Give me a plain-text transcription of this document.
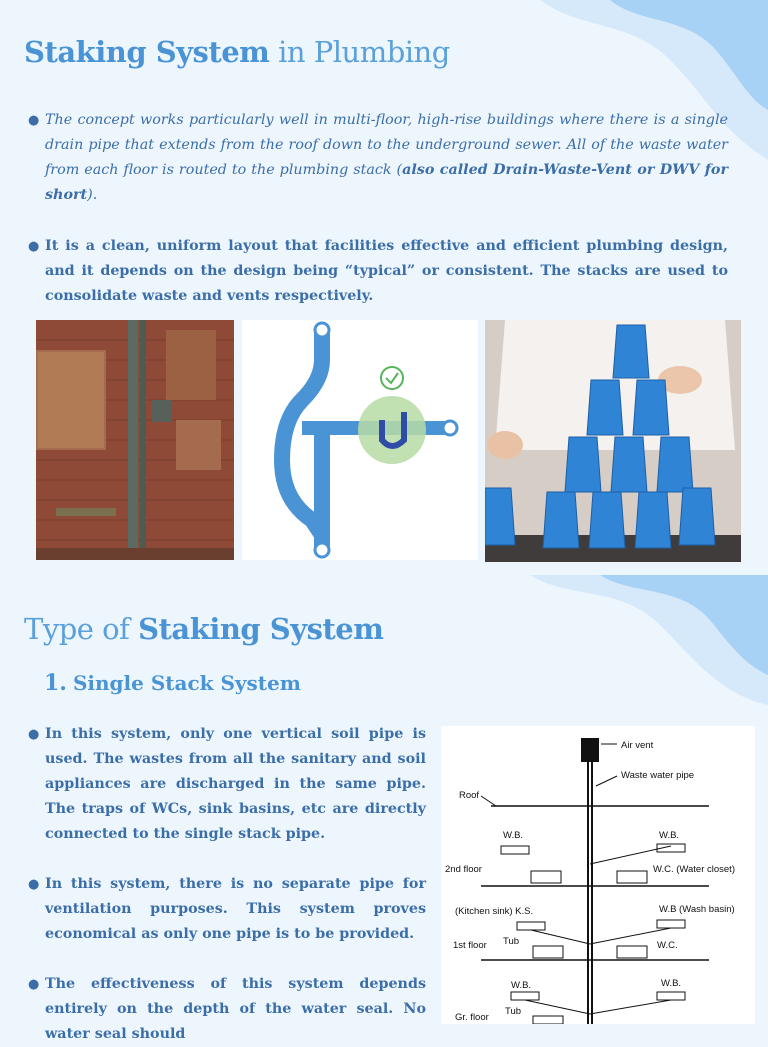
Staking System in Plumbing
● The concept works particularly well in multi-floor, high-rise buildings where there is a single drain pipe that extends from the roof down to the underground sewer. All of the waste water from each floor is routed to the plumbing stack (also called Drain-Waste-Vent or DWV for short).
● It is a clean, uniform layout that facilities effective and efficient plumbing design, and it depends on the design being “typical” or consistent. The stacks are used to consolidate waste and vents respectively.
Type of Staking System
1. Single Stack System
● In this system, only one vertical soil pipe is used. The wastes from all the sanitary and soil appliances are discharged in the same pipe. The traps of WCs, sink basins, etc are directly connected to the single stack pipe.
● In this system, there is no separate pipe for ventilation purposes. This system proves economical as only one pipe is to be provided.
● The effectiveness of this system depends entirely on the depth of the water seal. No water seal should
Air vent
Waste water pipe
Roof
W.B.	W.B.
2nd floor	W.C. (Water closet)
(Kitchen sink) K.S.	W.B (Wash basin)
1st floor Tub	W.C.
W.B.	W.B.
Gr. floor
Tub
